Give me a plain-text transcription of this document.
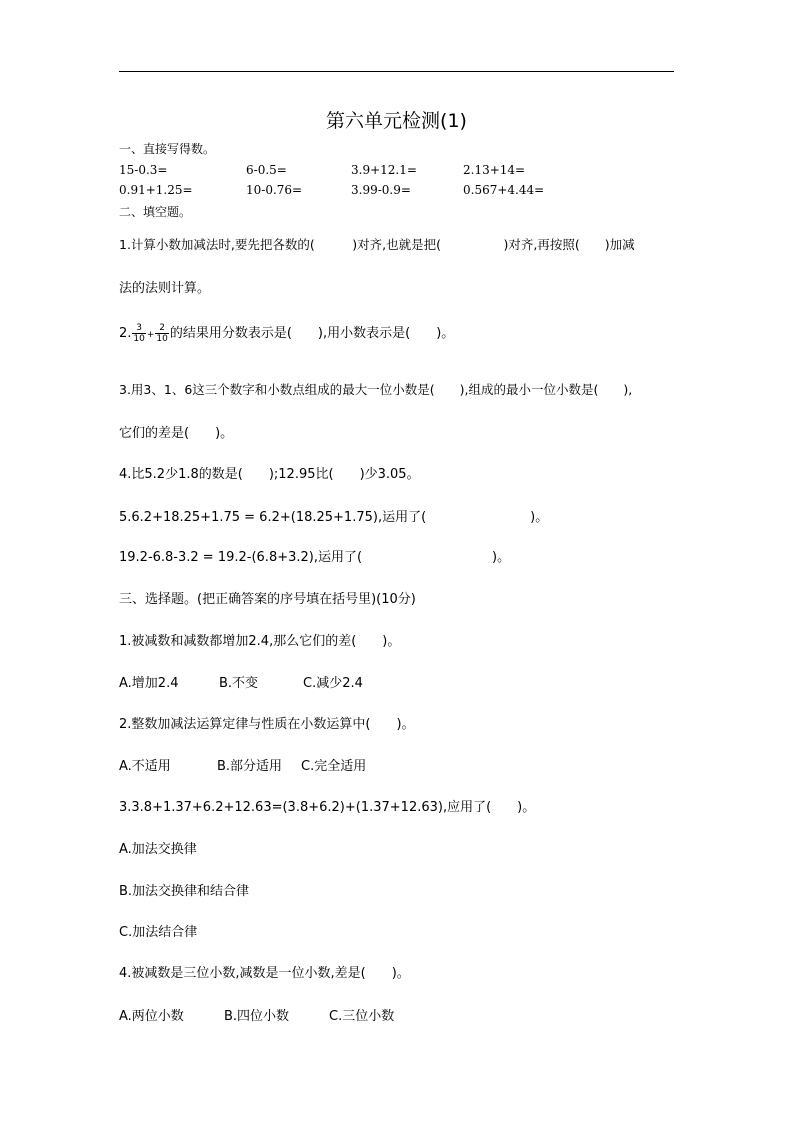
第六单元检测(1)
一、直接写得数。
15-0.3=	6-0.5=	3.9+12.1=	2.13+14=
0.91+1.25=	10-0.76=	3.99-0.9=	0.567+4.44=
二、填空题。
1.计算小数加减法时,要先把各数的(　　　)对齐,也就是把(　　　　　)对齐,再按照(　　)加减
法的法则计算。
2. $\frac{3}{10} + \frac{2}{10}$ 的结果用分数表示是(　　),用小数表示是(　　)。
3.用3、1、6这三个数字和小数点组成的最大一位小数是(　　),组成的最小一位小数是(　　),
它们的差是(　　)。
4.比5.2少1.8的数是(　　);12.95比(　　)少3.05。
5.6.2+18.25+1.75 = 6.2+(18.25+1.75),运用了(　　　　　　　　)。
19.2-6.8-3.2 = 19.2-(6.8+3.2),运用了(　　　　　　　　　　)。
三、选择题。(把正确答案的序号填在括号里)(10分)
1.被减数和减数都增加2.4,那么它们的差(　　)。
A.增加2.4	B.不变	C.减少2.4
2.整数加减法运算定律与性质在小数运算中(　　)。
A.不适用	B.部分适用 C.完全适用
3.3.8+1.37+6.2+12.63=(3.8+6.2)+(1.37+12.63),应用了(　　)。
A.加法交换律
B.加法交换律和结合律
C.加法结合律
4.被减数是三位小数,减数是一位小数,差是(　　)。
A.两位小数	B.四位小数	C.三位小数
